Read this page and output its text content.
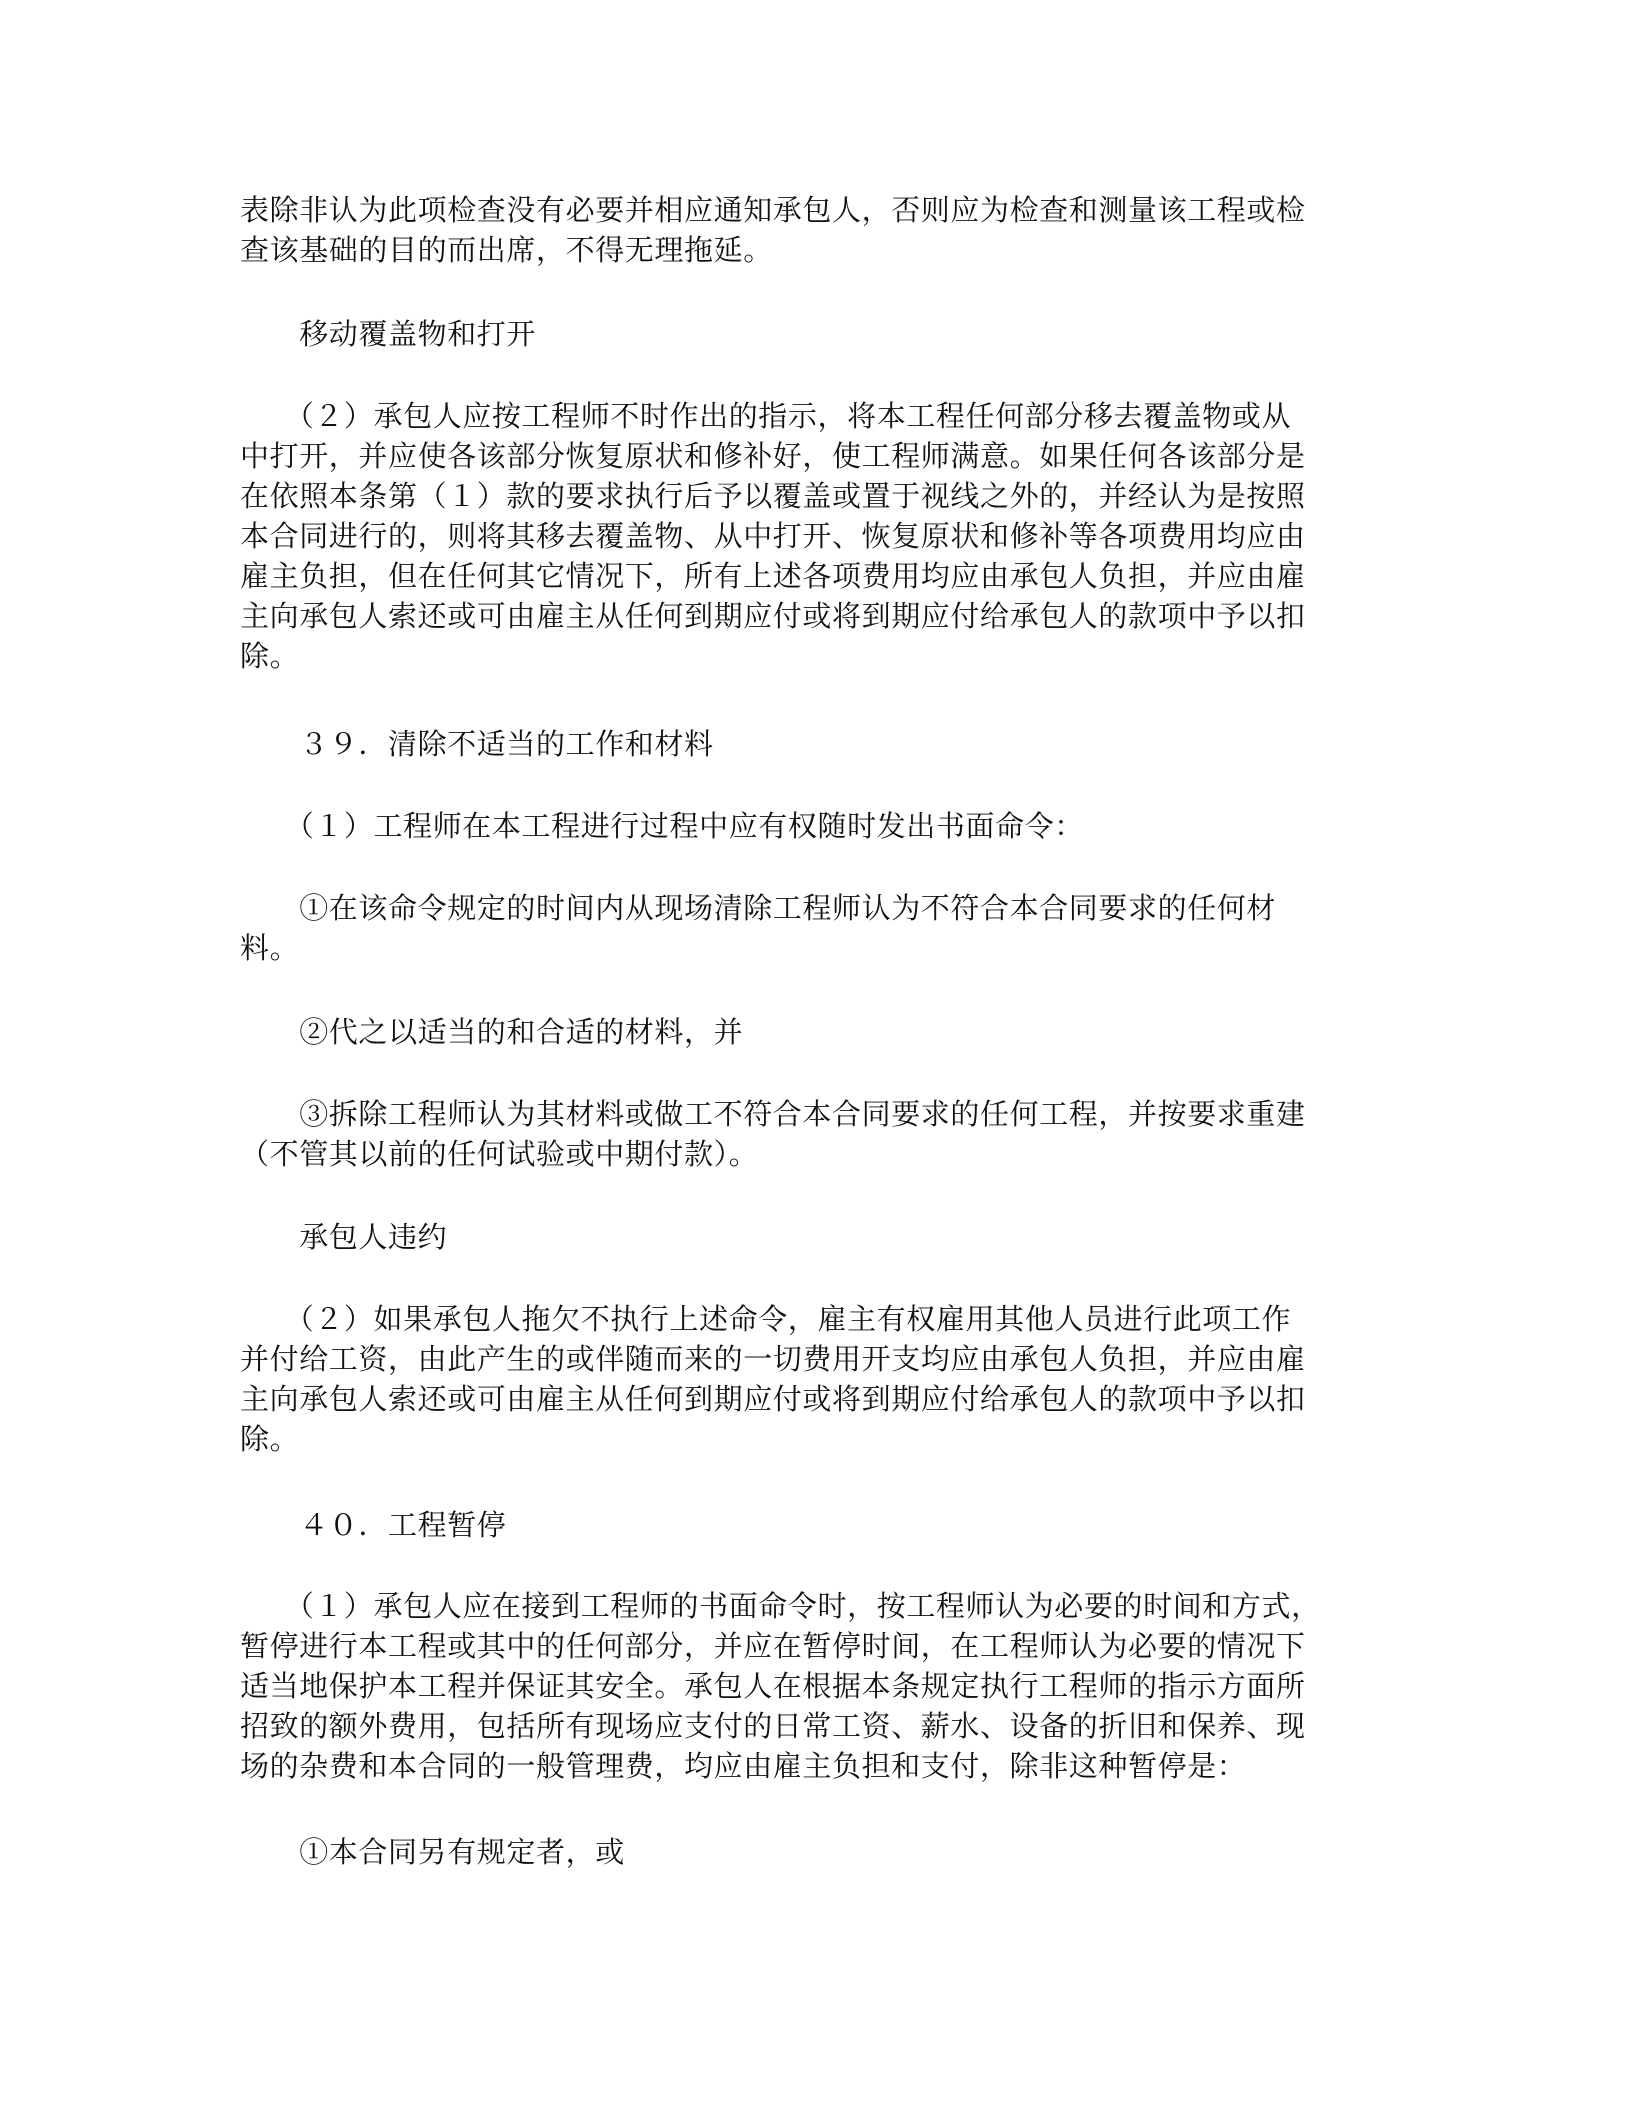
表除非认为此项检查没有必要并相应通知承包人，否则应为检查和测量该工程或检
查该基础的目的而出席，不得无理拖延。

　　移动覆盖物和打开

　　（２）承包人应按工程师不时作出的指示，将本工程任何部分移去覆盖物或从
中打开，并应使各该部分恢复原状和修补好，使工程师满意。如果任何各该部分是
在依照本条第（１）款的要求执行后予以覆盖或置于视线之外的，并经认为是按照
本合同进行的，则将其移去覆盖物、从中打开、恢复原状和修补等各项费用均应由
雇主负担，但在任何其它情况下，所有上述各项费用均应由承包人负担，并应由雇
主向承包人索还或可由雇主从任何到期应付或将到期应付给承包人的款项中予以扣
除。

　　３９．清除不适当的工作和材料

　　（１）工程师在本工程进行过程中应有权随时发出书面命令：

　　①在该命令规定的时间内从现场清除工程师认为不符合本合同要求的任何材
料。

　　②代之以适当的和合适的材料，并

　　③拆除工程师认为其材料或做工不符合本合同要求的任何工程，并按要求重建
（不管其以前的任何试验或中期付款）。

　　承包人违约

　　（２）如果承包人拖欠不执行上述命令，雇主有权雇用其他人员进行此项工作
并付给工资，由此产生的或伴随而来的一切费用开支均应由承包人负担，并应由雇
主向承包人索还或可由雇主从任何到期应付或将到期应付给承包人的款项中予以扣
除。

　　４０．工程暂停

　　（１）承包人应在接到工程师的书面命令时，按工程师认为必要的时间和方式，
暂停进行本工程或其中的任何部分，并应在暂停时间，在工程师认为必要的情况下
适当地保护本工程并保证其安全。承包人在根据本条规定执行工程师的指示方面所
招致的额外费用，包括所有现场应支付的日常工资、薪水、设备的折旧和保养、现
场的杂费和本合同的一般管理费，均应由雇主负担和支付，除非这种暂停是：

　　①本合同另有规定者，或
